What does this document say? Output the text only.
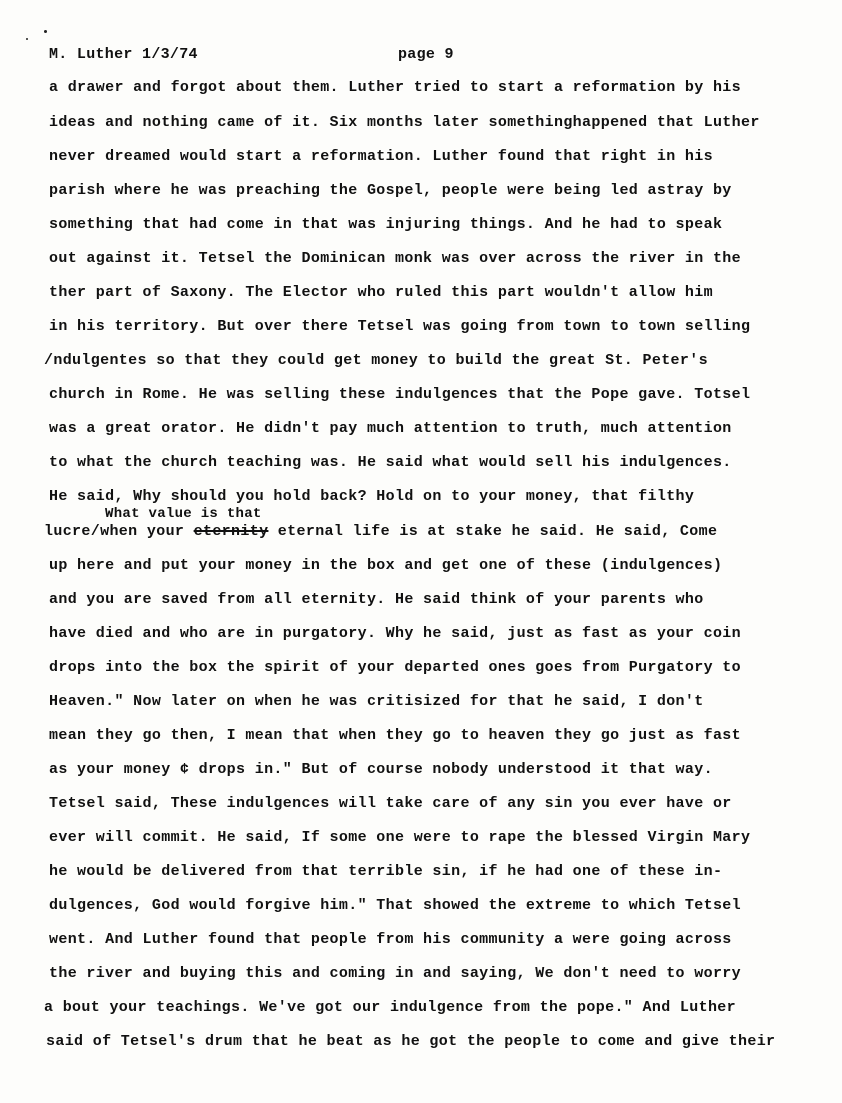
M. Luther 1/3/74	page 9
a drawer and forgot about them. Luther tried to start a reformation by his
ideas and nothing came of it. Six months later somethinghappened that Luther
never dreamed would start a reformation. Luther found that right in his
parish where he was preaching the Gospel, people were being led astray by
something that had come in that was injuring things. And he had to speak
out against it. Tetsel the Dominican monk was over across the river in the
ther part of Saxony. The Elector who ruled this part wouldn't allow him
in his territory. But over there Tetsel was going from town to town selling
/ndulgentes so that they could get money to build the great St. Peter's
church in Rome. He was selling these indulgences that the Pope gave. Totsel
was a great orator. He didn't pay much attention to truth, much attention
to what the church teaching was. He said what would sell his indulgences.
He said, Why should you hold back? Hold on to your money, that filthy
What value is that
lucre/when your eternity eternal life is at stake he said. He said, Come
up here and put your money in the box and get one of these (indulgences)
and you are saved from all eternity. He said think of your parents who
have died and who are in purgatory. Why he said, just as fast as your coin
drops into the box the spirit of your departed ones goes from Purgatory to
Heaven." Now later on when he was critisized for that he said, I don't
mean they go then, I mean that when they go to heaven they go just as fast
as your money ¢ drops in." But of course nobody understood it that way.
Tetsel said, These indulgences will take care of any sin you ever have or
ever will commit. He said, If some one were to rape the blessed Virgin Mary
he would be delivered from that terrible sin, if he had one of these in-
dulgences, God would forgive him." That showed the extreme to which Tetsel
went. And Luther found that people from his community a were going across
the river and buying this and coming in and saying, We don't need to worry
a bout your teachings. We've got our indulgence from the pope." And Luther
said of Tetsel's drum that he beat as he got the people to come and give their
